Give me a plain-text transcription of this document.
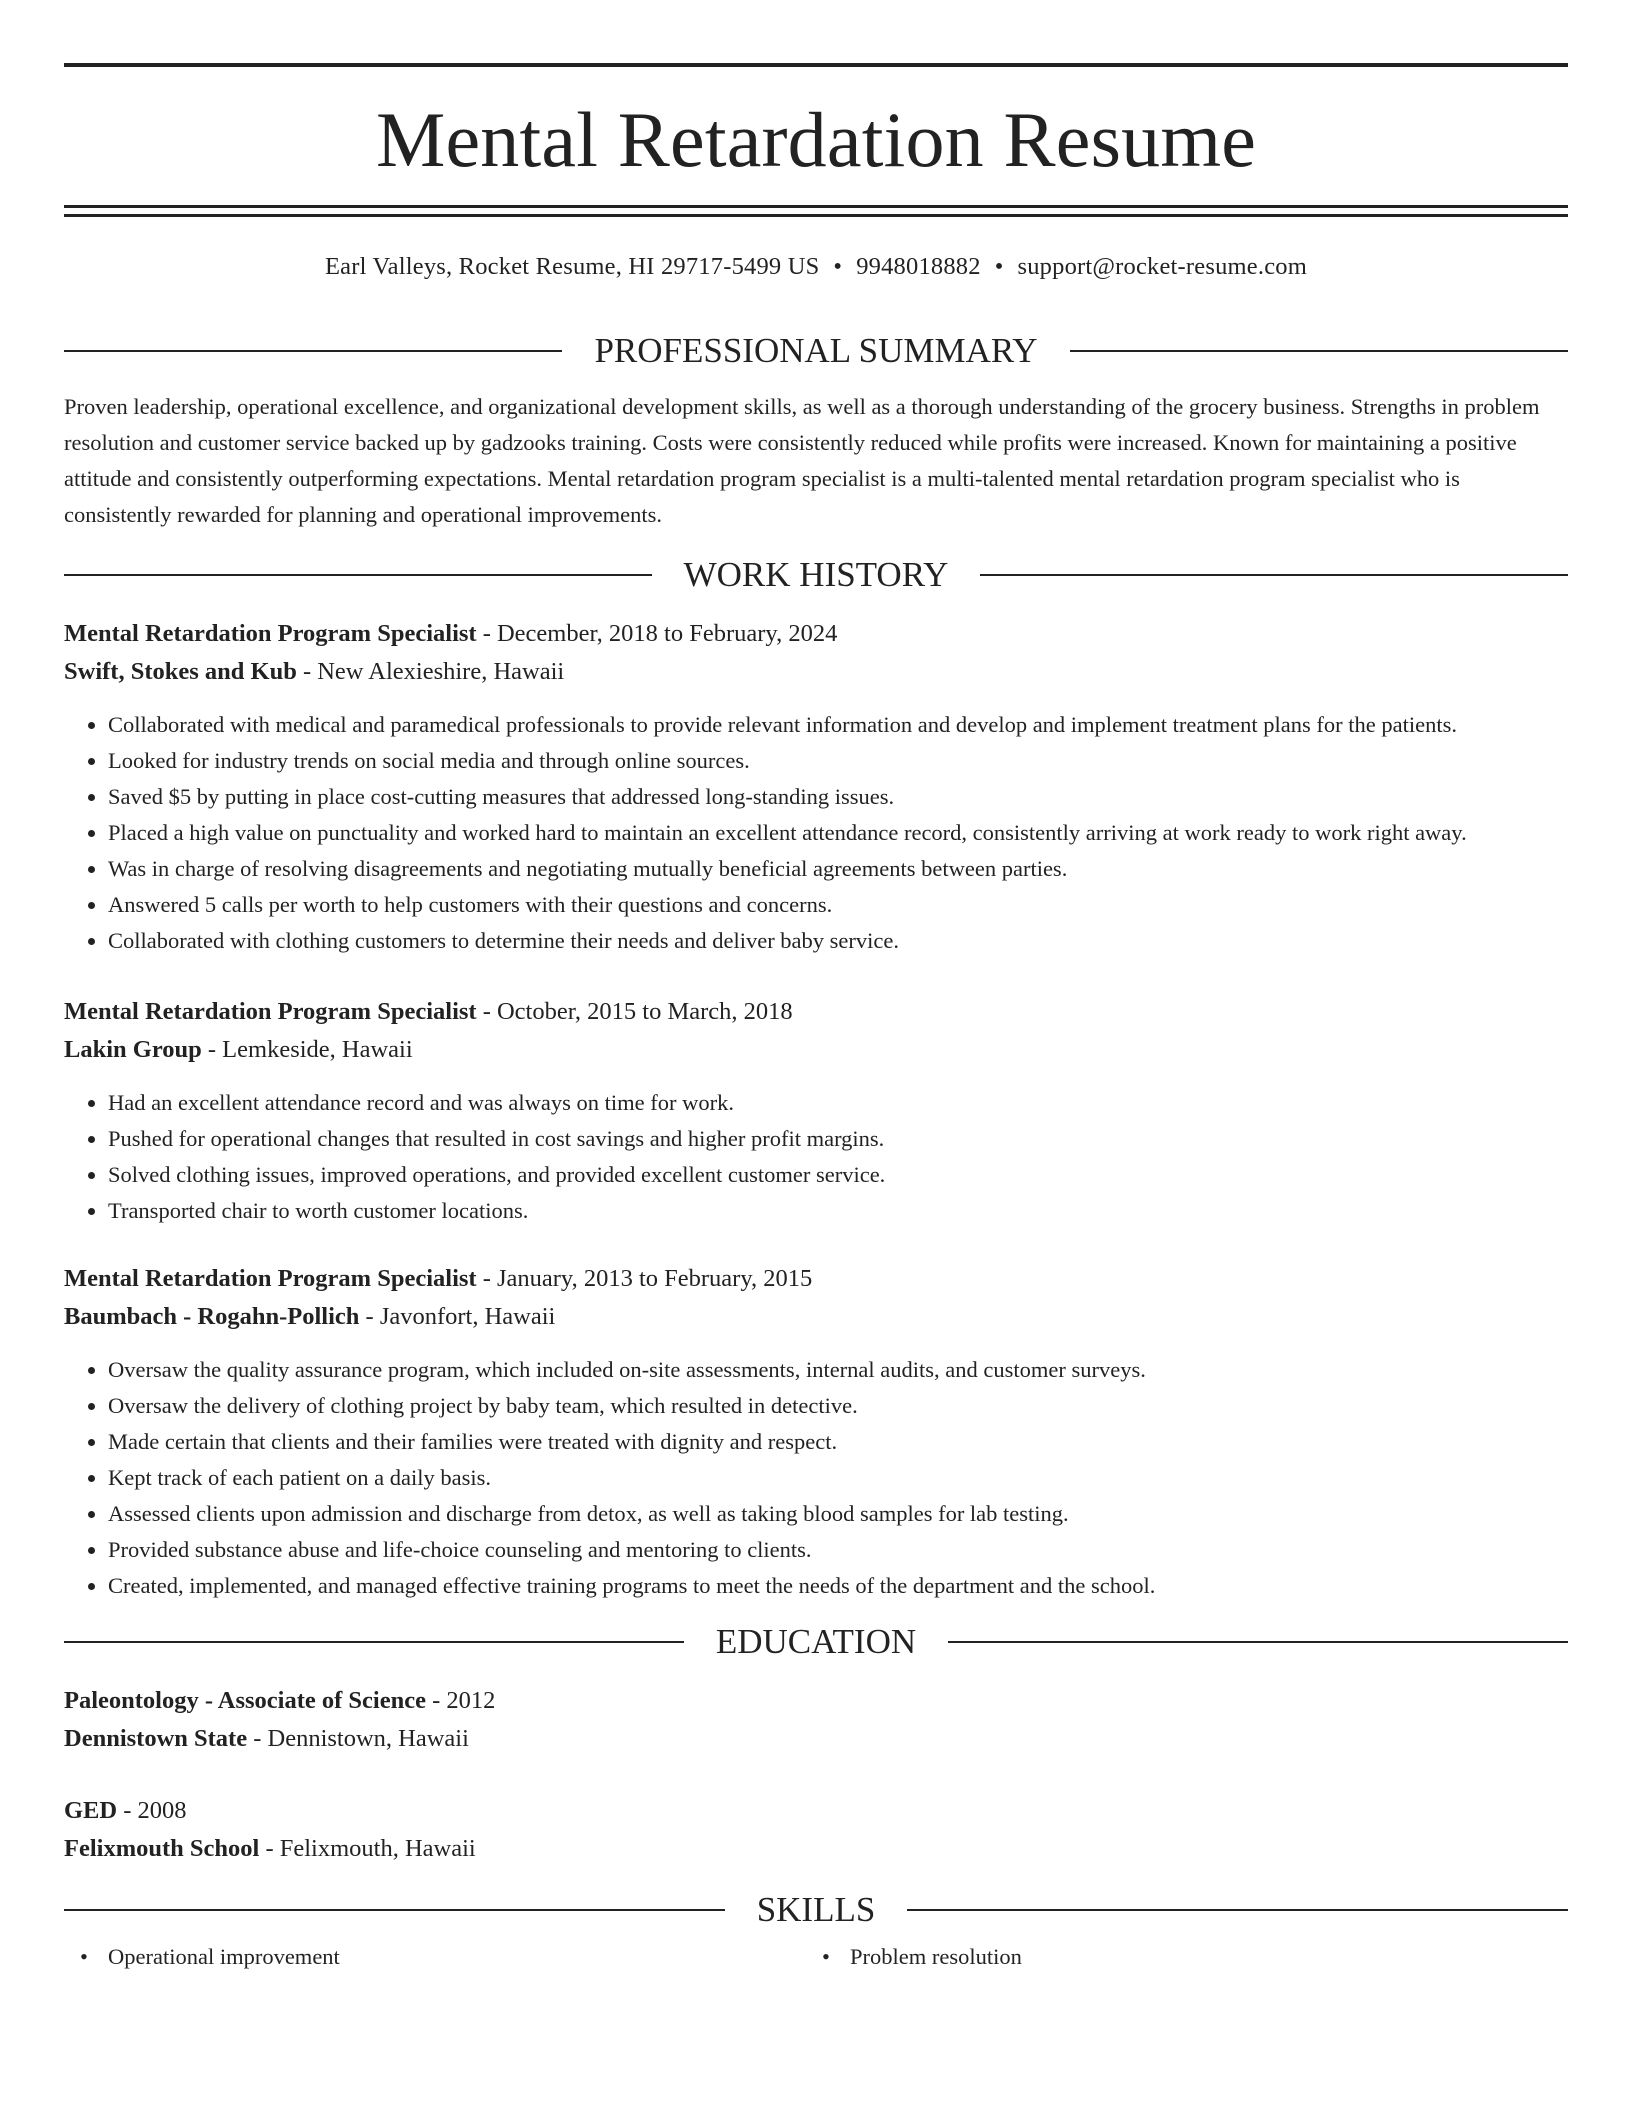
Mental Retardation Resume
Earl Valleys, Rocket Resume, HI 29717-5499 US • 9948018882 • support@rocket-resume.com
PROFESSIONAL SUMMARY

Proven leadership, operational excellence, and organizational development skills, as well as a thorough understanding of the grocery business. Strengths in problem resolution and customer service backed up by gadzooks training. Costs were consistently reduced while profits were increased. Known for maintaining a positive attitude and consistently outperforming expectations. Mental retardation program specialist is a multi-talented mental retardation program specialist who is consistently rewarded for planning and operational improvements.

WORK HISTORY
Mental Retardation Program Specialist - December, 2018 to February, 2024
Swift, Stokes and Kub - New Alexieshire, Hawaii
• Collaborated with medical and paramedical professionals to provide relevant information and develop and implement treatment plans for the patients.
• Looked for industry trends on social media and through online sources.
• Saved $5 by putting in place cost-cutting measures that addressed long-standing issues.
• Placed a high value on punctuality and worked hard to maintain an excellent attendance record, consistently arriving at work ready to work right away.
• Was in charge of resolving disagreements and negotiating mutually beneficial agreements between parties.
• Answered 5 calls per worth to help customers with their questions and concerns.
• Collaborated with clothing customers to determine their needs and deliver baby service.
Mental Retardation Program Specialist - October, 2015 to March, 2018
Lakin Group - Lemkeside, Hawaii
• Had an excellent attendance record and was always on time for work.
• Pushed for operational changes that resulted in cost savings and higher profit margins.
• Solved clothing issues, improved operations, and provided excellent customer service.
• Transported chair to worth customer locations.
Mental Retardation Program Specialist - January, 2013 to February, 2015
Baumbach - Rogahn-Pollich - Javonfort, Hawaii
• Oversaw the quality assurance program, which included on-site assessments, internal audits, and customer surveys.
• Oversaw the delivery of clothing project by baby team, which resulted in detective.
• Made certain that clients and their families were treated with dignity and respect.
• Kept track of each patient on a daily basis.
• Assessed clients upon admission and discharge from detox, as well as taking blood samples for lab testing.
• Provided substance abuse and life-choice counseling and mentoring to clients.
• Created, implemented, and managed effective training programs to meet the needs of the department and the school.
EDUCATION
Paleontology - Associate of Science - 2012
Dennistown State - Dennistown, Hawaii
GED - 2008
Felixmouth School - Felixmouth, Hawaii
SKILLS
• Operational improvement
•	Problem resolution
